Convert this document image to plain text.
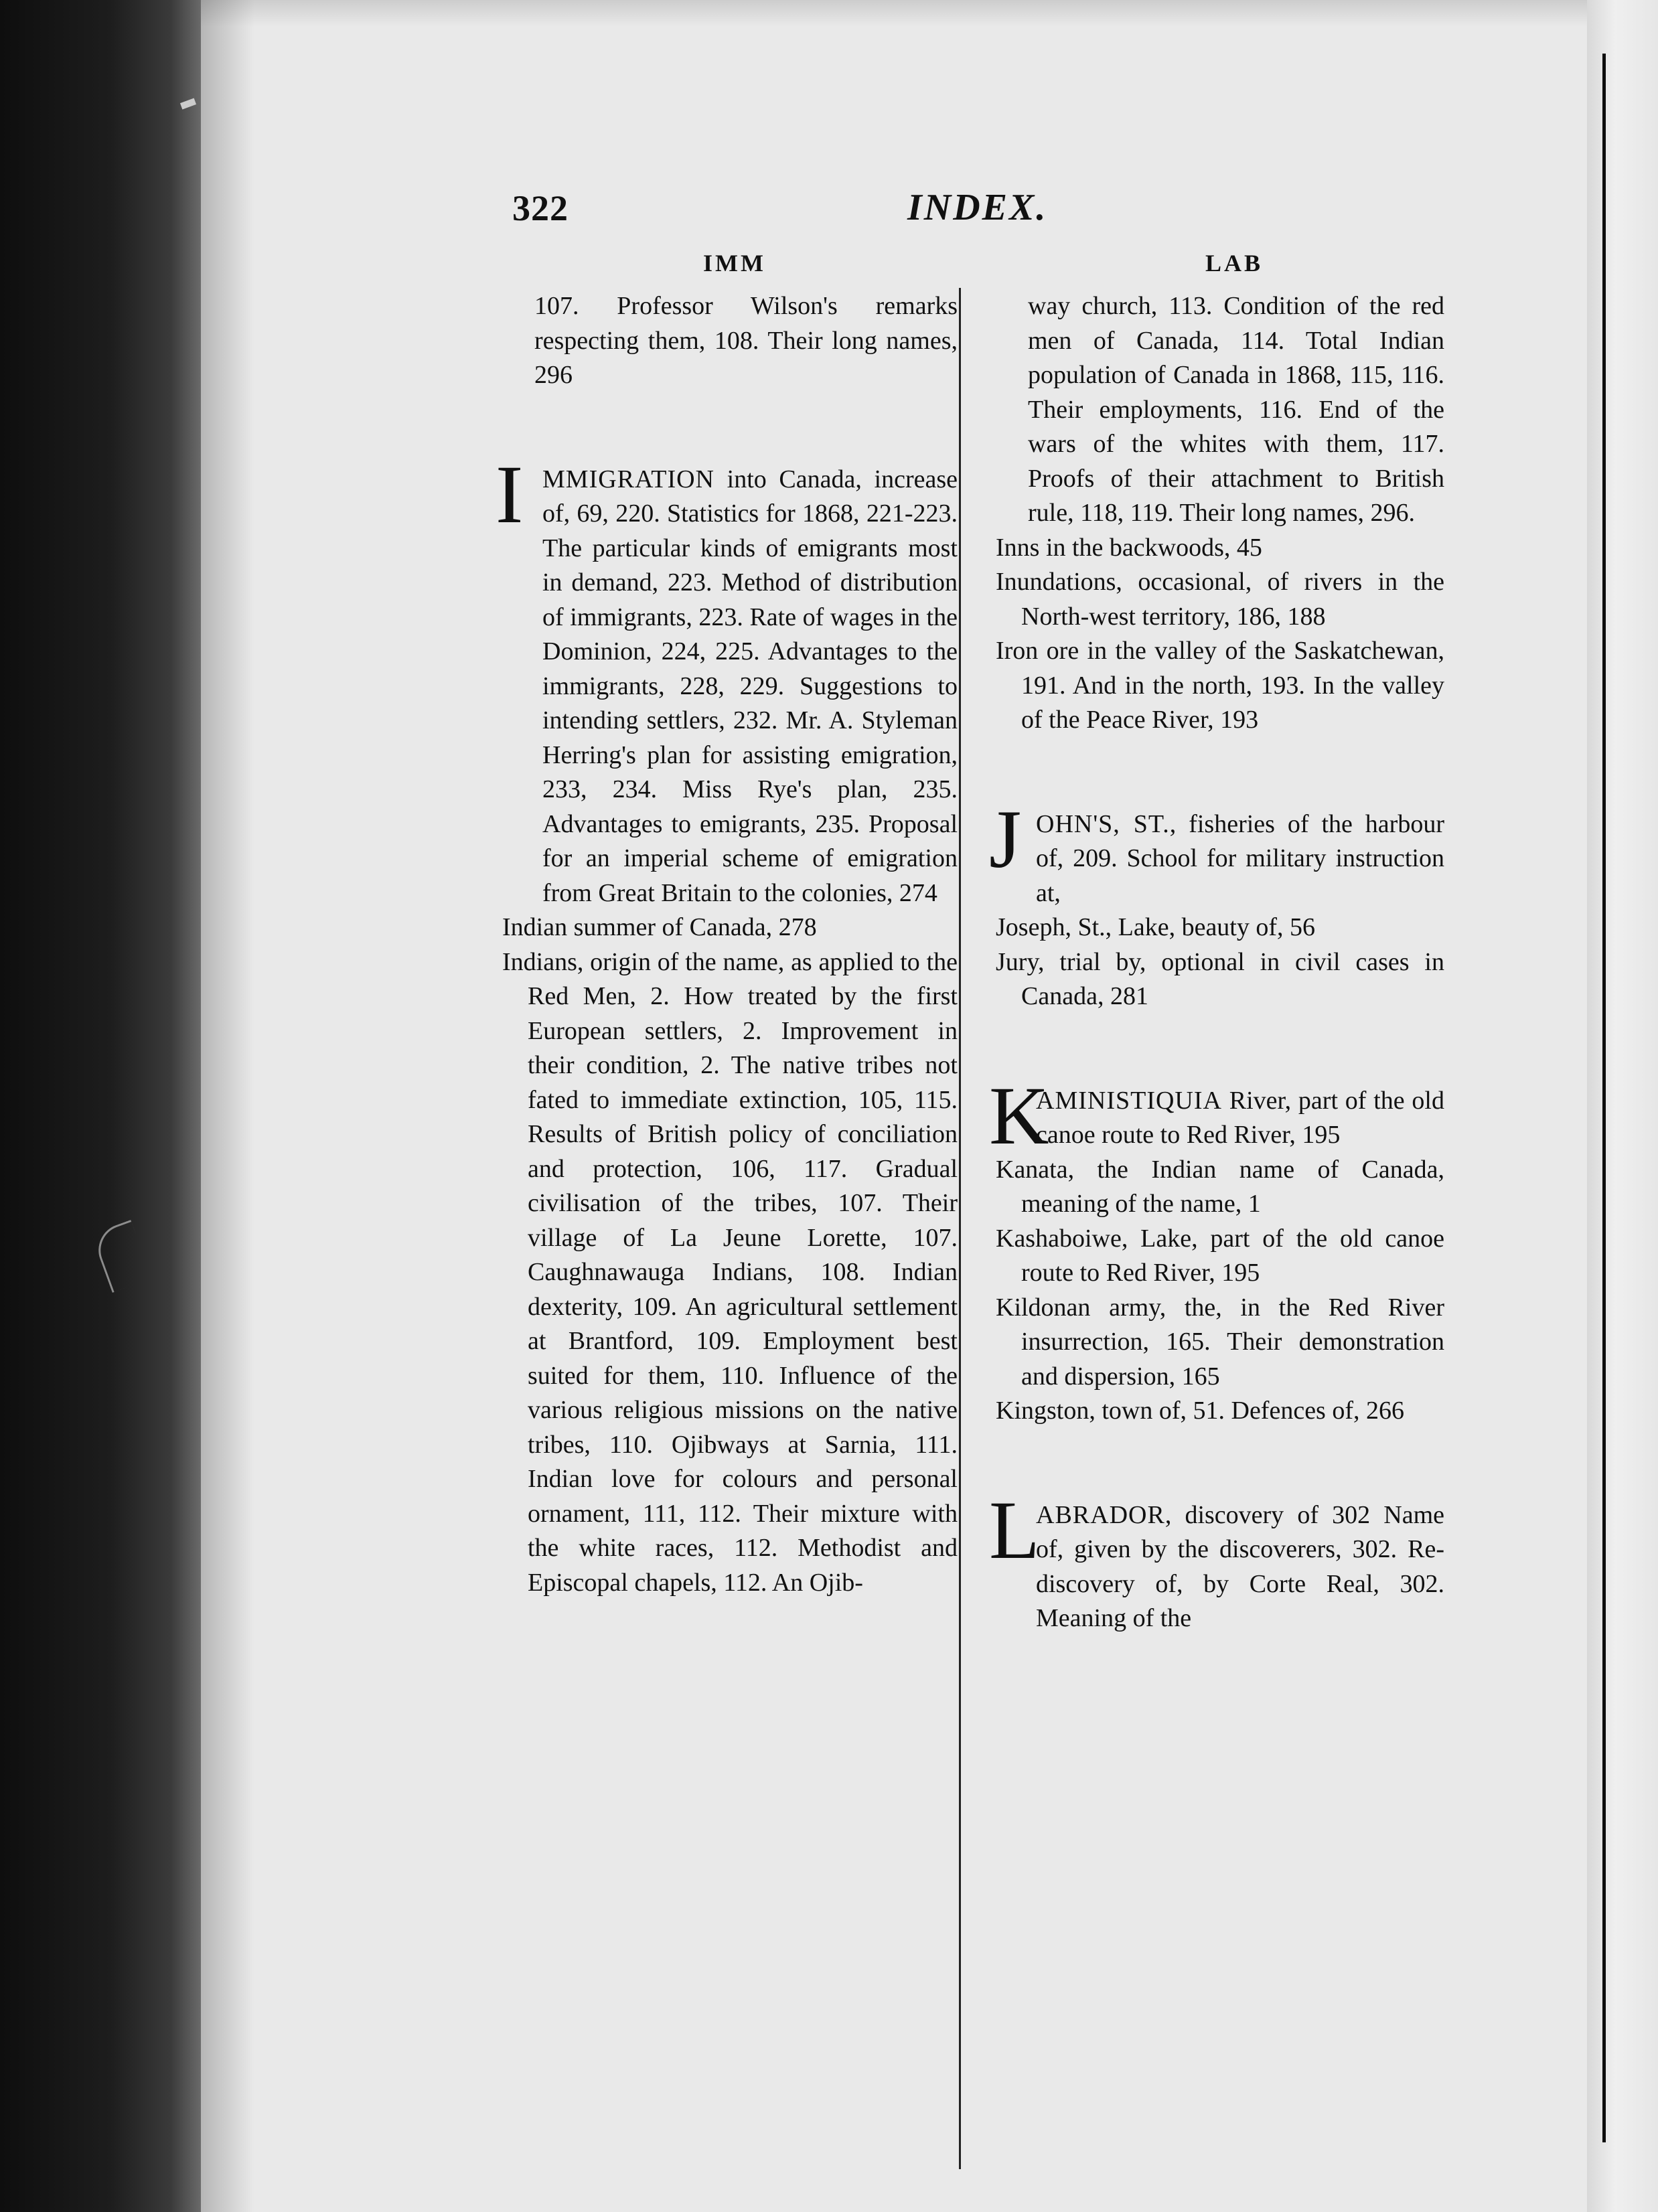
322	INDEX.
IMM	LAB
107. Professor Wilson's remarks respecting them, 108. Their long names, 296
I MMIGRATION into Canada, increase of, 69, 220. Statistics for 1868, 221-223. The particular kinds of emigrants most in demand, 223. Method of distribution of immigrants, 223. Rate of wages in the Dominion, 224, 225. Advantages to the immigrants, 228, 229. Suggestions to intending settlers, 232. Mr. A. Styleman Herring's plan for assisting emigration, 233, 234. Miss Rye's plan, 235. Advantages to emigrants, 235. Proposal for an imperial scheme of emigration from Great Britain to the colonies, 274
Indian summer of Canada, 278
Indians, origin of the name, as applied to the Red Men, 2. How treated by the first European settlers, 2. Improvement in their condition, 2. The native tribes not fated to immediate extinction, 105, 115. Results of British policy of conciliation and protection, 106, 117. Gradual civilisation of the tribes, 107. Their village of La Jeune Lorette, 107. Caughnawauga Indians, 108. Indian dexterity, 109. An agricultural settlement at Brantford, 109. Employment best suited for them, 110. Influence of the various religious missions on the native tribes, 110. Ojibways at Sarnia, 111. Indian love for colours and personal ornament, 111, 112. Their mixture with the white races, 112. Methodist and Episcopal chapels, 112. An Ojib-
way church, 113. Condition of the red men of Canada, 114. Total Indian population of Canada in 1868, 115, 116. Their employments, 116. End of the wars of the whites with them, 117. Proofs of their attachment to British rule, 118, 119. Their long names, 296.
Inns in the backwoods, 45
Inundations, occasional, of rivers in the North-west territory, 186, 188
Iron ore in the valley of the Saskatchewan, 191. And in the north, 193. In the valley of the Peace River, 193
J OHN'S, ST., fisheries of the harbour of, 209. School for military instruction at,
Joseph, St., Lake, beauty of, 56
Jury, trial by, optional in civil cases in Canada, 281
K
AMINISTIQUIA River, part of the old canoe route to Red River, 195
Kanata, the Indian name of Canada, meaning of the name, 1
Kashaboiwe, Lake, part of the old canoe route to Red River, 195
Kildonan army, the, in the Red River insurrection, 165. Their demonstration and dispersion, 165
Kingston, town of, 51. Defences of, 266
L
ABRADOR, discovery of 302 Name of, given by the discoverers, 302. Re-discovery of, by Corte Real, 302. Meaning of the
